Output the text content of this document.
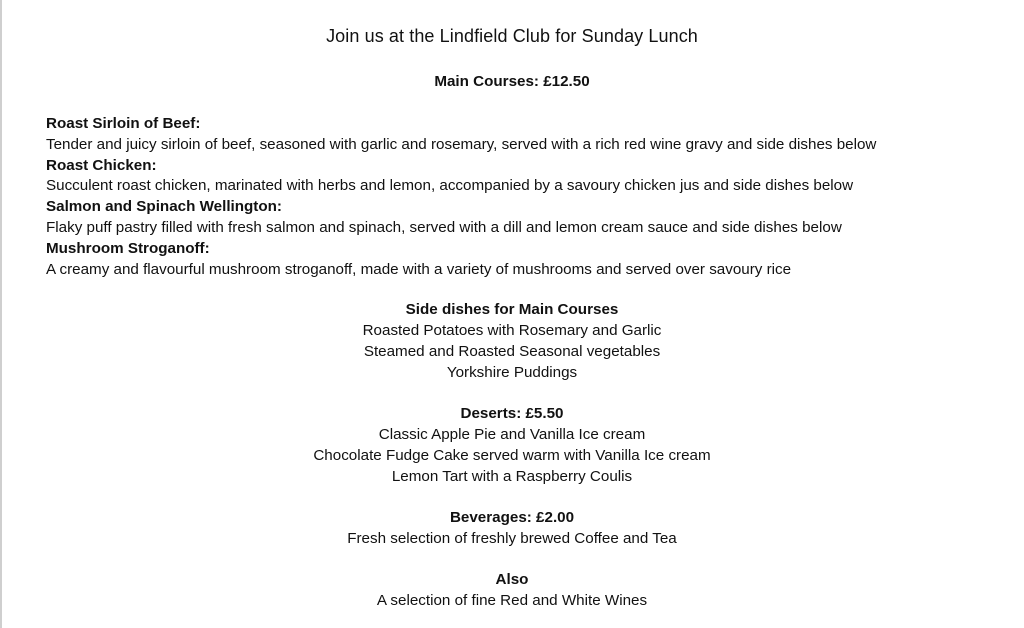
Join us at the Lindfield Club for Sunday Lunch
Main Courses: £12.50
Roast Sirloin of Beef:
Tender and juicy sirloin of beef, seasoned with garlic and rosemary, served with a rich red wine gravy and side dishes below
Roast Chicken:
Succulent roast chicken, marinated with herbs and lemon, accompanied by a savoury chicken jus and side dishes below
Salmon and Spinach Wellington:
Flaky puff pastry filled with fresh salmon and spinach, served with a dill and lemon cream sauce and side dishes below
Mushroom Stroganoff:
A creamy and flavourful mushroom stroganoff, made with a variety of mushrooms and served over savoury rice
Side dishes for Main Courses
Roasted Potatoes with Rosemary and Garlic
Steamed and Roasted Seasonal vegetables
Yorkshire Puddings
Deserts: £5.50
Classic Apple Pie and Vanilla Ice cream
Chocolate Fudge Cake served warm with Vanilla Ice cream
Lemon Tart with a Raspberry Coulis
Beverages: £2.00
Fresh selection of freshly brewed Coffee and Tea
Also
A selection of fine Red and White Wines
